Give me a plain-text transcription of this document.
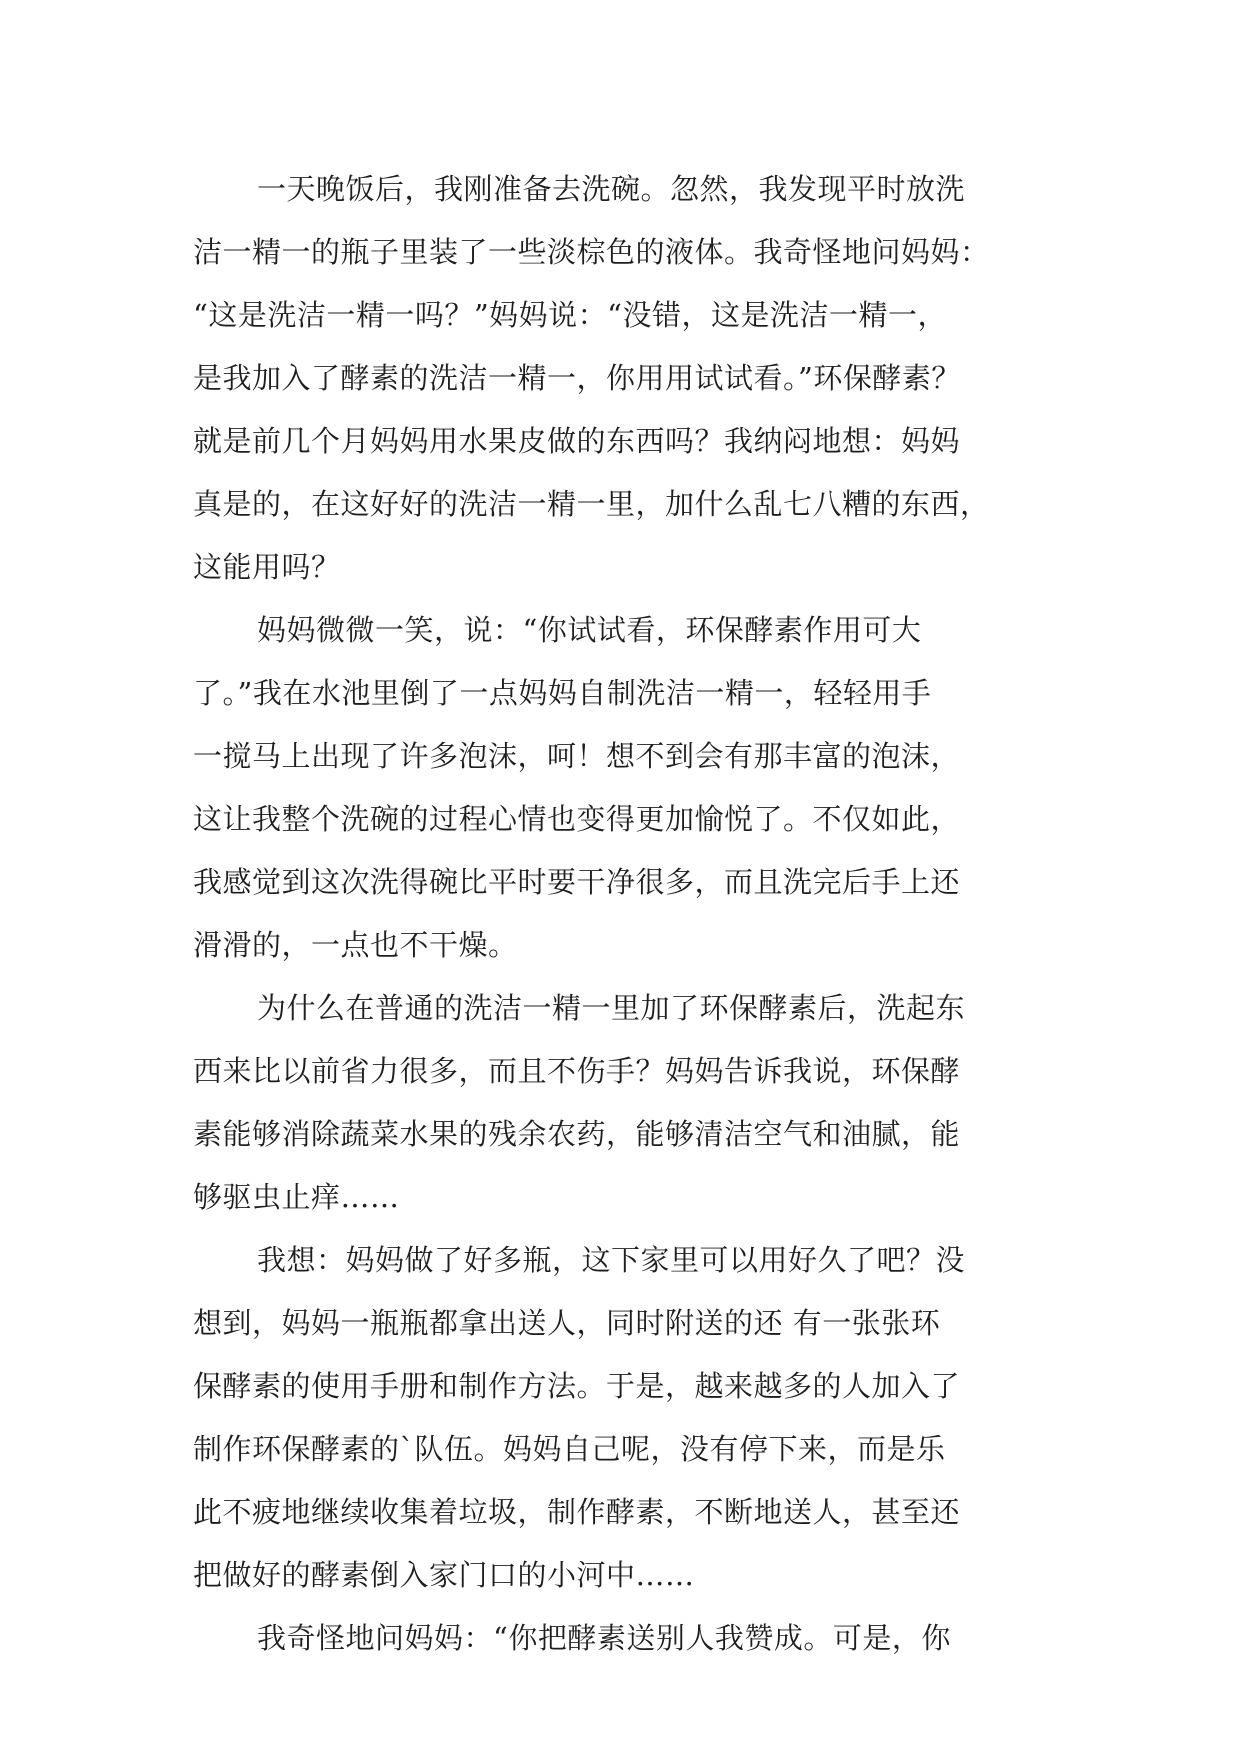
一天晚饭后，我刚准备去洗碗。忽然，我发现平时放洗
洁一精一的瓶子里装了一些淡棕色的液体。我奇怪地问妈妈：
“这是洗洁一精一吗？”妈妈说：“没错，这是洗洁一精一，
是我加入了酵素的洗洁一精一，你用用试试看。”环保酵素？
就是前几个月妈妈用水果皮做的东西吗？我纳闷地想：妈妈
真是的，在这好好的洗洁一精一里，加什么乱七八糟的东西，
这能用吗？
妈妈微微一笑，说：“你试试看，环保酵素作用可大
了。”我在水池里倒了一点妈妈自制洗洁一精一，轻轻用手
一搅马上出现了许多泡沫，呵！想不到会有那丰富的泡沫，
这让我整个洗碗的过程心情也变得更加愉悦了。不仅如此，
我感觉到这次洗得碗比平时要干净很多，而且洗完后手上还
滑滑的，一点也不干燥。
为什么在普通的洗洁一精一里加了环保酵素后，洗起东
西来比以前省力很多，而且不伤手？妈妈告诉我说，环保酵
素能够消除蔬菜水果的残余农药，能够清洁空气和油腻，能
够驱虫止痒……
我想：妈妈做了好多瓶，这下家里可以用好久了吧？没
想到，妈妈一瓶瓶都拿出送人，同时附送的还 有一张张环
保酵素的使用手册和制作方法。于是，越来越多的人加入了
制作环保酵素的`队伍。妈妈自己呢，没有停下来，而是乐
此不疲地继续收集着垃圾，制作酵素，不断地送人，甚至还
把做好的酵素倒入家门口的小河中……
我奇怪地问妈妈：“你把酵素送别人我赞成。可是，你
